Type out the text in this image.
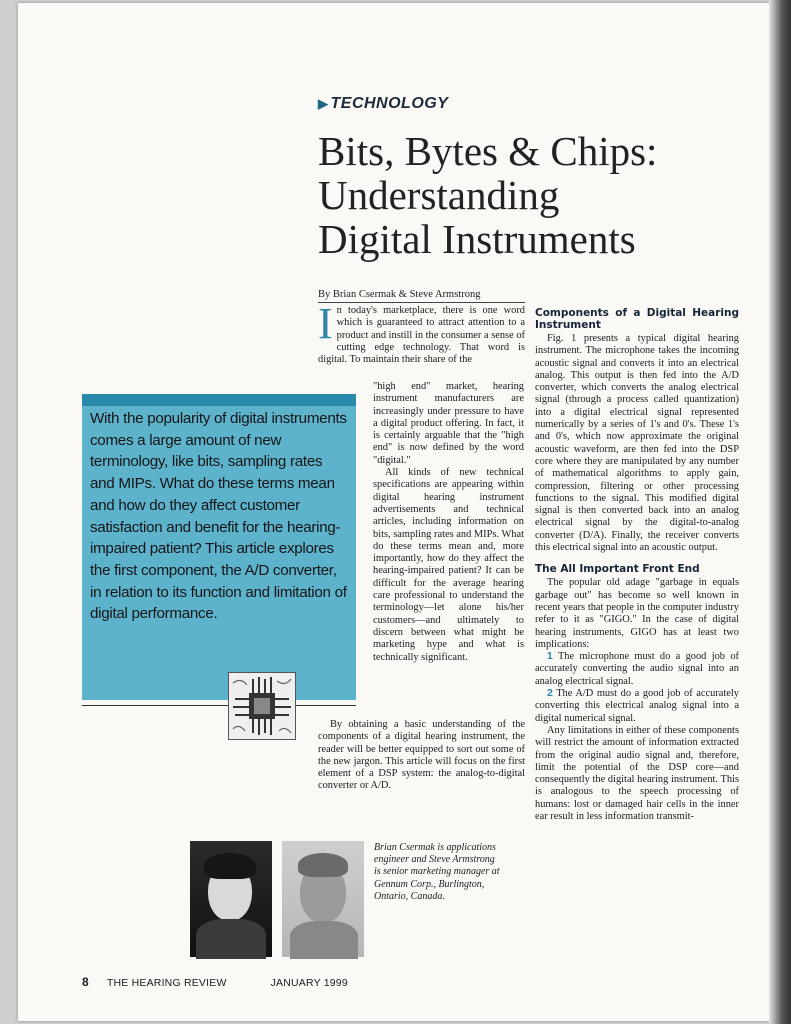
▶ TECHNOLOGY
Bits, Bytes & Chips:
Understanding
Digital Instruments
By Brian Csermak & Steve Armstrong

In today's marketplace, there is one word which is guaranteed to attract attention to a product and instill in the consumer a sense of cutting edge technology. That word is digital. To maintain their share of the

"high end" market, hearing instrument manufacturers are increasingly under pressure to have a digital product offering. In fact, it is certainly arguable that the "high end" is now defined by the word "digital."

All kinds of new technical specifications are appearing within digital hearing instrument advertisements and technical articles, including information on bits, sampling rates and MIPs. What do these terms mean and, more importantly, how do they affect the hearing-impaired patient? It can be difficult for the average hearing care professional to understand the terminology—let alone his/her customers—and ultimately to discern between what might be marketing hype and what is technically significant.

By obtaining a basic understanding of the components of a digital hearing instrument, the reader will be better equipped to sort out some of the new jargon. This article will focus on the first element of a DSP system: the analog-to-digital converter or A/D.

Components of a Digital Hearing Instrument

Fig. 1 presents a typical digital hearing instrument. The microphone takes the incoming acoustic signal and converts it into an electrical analog. This output is then fed into the A/D converter, which converts the analog electrical signal (through a process called quantization) into a digital electrical signal represented numerically by a series of 1's and 0's. These 1's and 0's, which now approximate the original acoustic waveform, are then fed into the DSP core where they are manipulated by any number of mathematical algorithms to apply gain, compression, filtering or other processing functions to the signal. This modified digital signal is then converted back into an analog electrical signal by the digital-to-analog converter (D/A). Finally, the receiver converts this electrical signal into an acoustic output.

The All Important Front End

The popular old adage "garbage in equals garbage out" has become so well known in recent years that people in the computer industry refer to it as "GIGO." In the case of digital hearing instruments, GIGO has at least two implications:

1 The microphone must do a good job of accurately converting the audio signal into an analog electrical signal.

2 The A/D must do a good job of accurately converting this electrical analog signal into a digital numerical signal.

Any limitations in either of these components will restrict the amount of information extracted from the original audio signal and, therefore, limit the potential of the DSP core—and consequently the digital hearing instrument. This is analogous to the speech processing of humans: lost or damaged hair cells in the inner ear result in less information transmit-

With the popularity of digital instruments comes a large amount of new terminology, like bits, sampling rates and MIPs. What do these terms mean and how do they affect customer satisfaction and benefit for the hearing-impaired patient? This article explores the first component, the A/D converter, in relation to its function and limitation of digital performance.
Brian Csermak is applications engineer and Steve Armstrong is senior marketing manager at Gennum Corp., Burlington, Ontario, Canada.
8 THE HEARING REVIEW	JANUARY 1999
